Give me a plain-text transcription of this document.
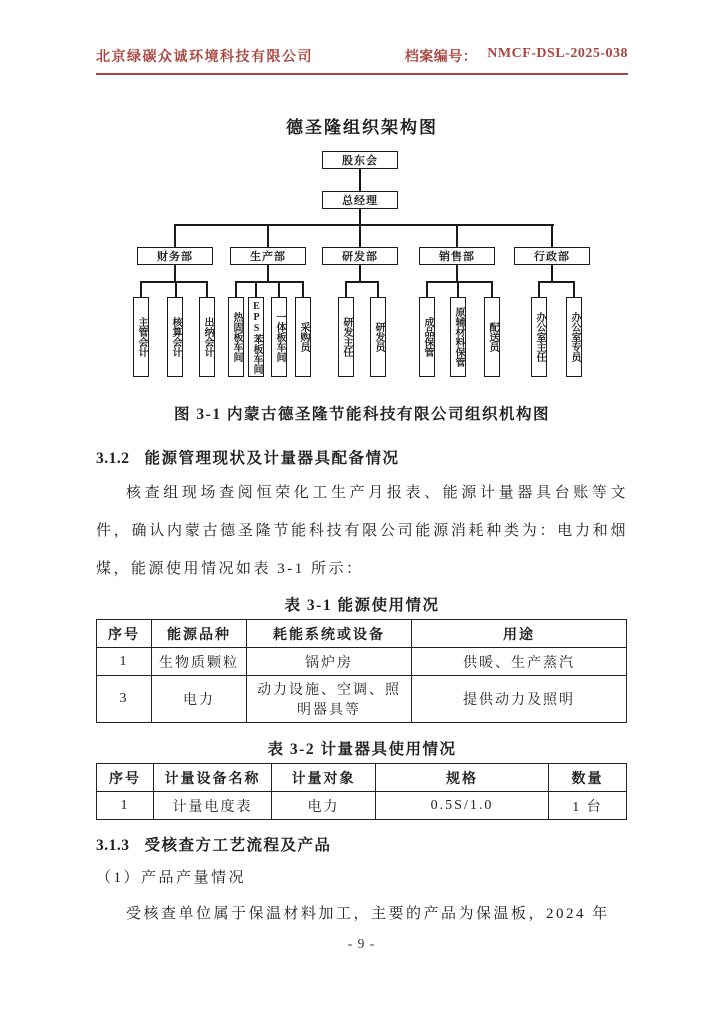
北京绿碳众诚环境科技有限公司	档案编号： NMCF-DSL-2025-038
德圣隆组织架构图
股东会
总经理
财务部	生产部	研发部	销售部	行政部
主管会计	核算会计	出纳会计	热固板车间 EPS苯板车间	一体板车间	采购员	研发主任	研发员	成品保管	原辅材料保管	配送员	办公室主任	办公室专员
图 3-1 内蒙古德圣隆节能科技有限公司组织机构图
3.1.2 能源管理现状及计量器具配备情况
核查组现场查阅恒荣化工生产月报表、能源计量器具台账等文件，确认内蒙古德圣隆节能科技有限公司能源消耗种类为：电力和烟煤，能源使用情况如表 3-1 所示：
表 3-1 能源使用情况
序号	能源品种	耗能系统或设备	用途
1	生物质颗粒	锅炉房	供暖、生产蒸汽
3	电力	动力设施、空调、照明器具等	提供动力及照明
表 3-2 计量器具使用情况
序号	计量设备名称	计量对象	规格	数量
1	计量电度表	电力	0.5S/1.0	1 台
3.1.3 受核查方工艺流程及产品
（1）产品产量情况
受核查单位属于保温材料加工，主要的产品为保温板，2024 年
- 9 -
